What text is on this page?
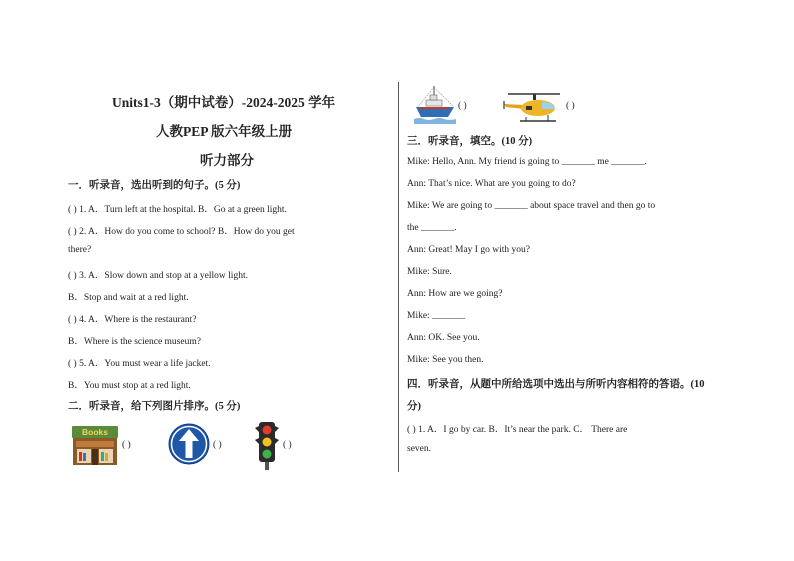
Units1-3（期中试卷）-2024-2025 学年
人教PEP 版六年级上册
听力部分
一．听录音，选出听到的句子。(5 分)
( ) 1. A．Turn left at the hospital. B．Go at a green light.
( ) 2. A．How do you come to school? B．How do you get
there?
( ) 3. A．Slow down and stop at a yellow light.
B．Stop and wait at a red light.
( ) 4. A．Where is the restaurant?
B．Where is the science museum?
( ) 5. A．You must wear a life jacket.
B．You must stop at a red light.
二．听录音，给下列图片排序。(5 分)
Books
( )	( )	( )
( )	( )
三．听录音，填空。(10 分)
Mike: Hello, Ann. My friend is going to _______ me _______.
Ann: That’s nice. What are you going to do?
Mike: We are going to _______ about space travel and then go to
the _______.
Ann: Great! May I go with you?
Mike: Sure.
Ann: How are we going?
Mike: _______
Ann: OK. See you.
Mike: See you then.
四．听录音，从题中所给选项中选出与所听内容相符的答语。(10
分)
( ) 1. A．I go by car. B．It’s near the park. C． There are
seven.
